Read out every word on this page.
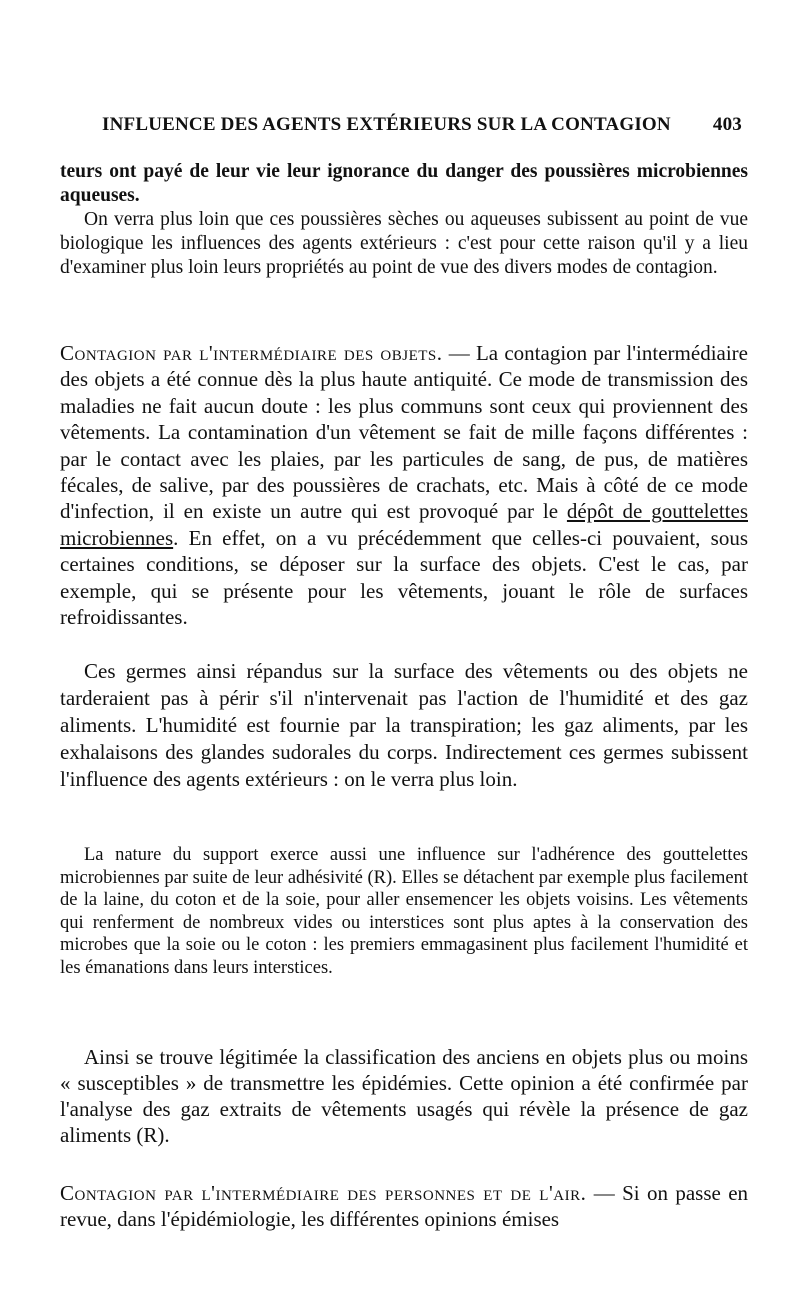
INFLUENCE DES AGENTS EXTÉRIEURS SUR LA CONTAGION 403

teurs ont payé de leur vie leur ignorance du danger des poussières microbiennes aqueuses.

On verra plus loin que ces poussières sèches ou aqueuses subissent au point de vue biologique les influences des agents extérieurs : c'est pour cette raison qu'il y a lieu d'examiner plus loin leurs propriétés au point de vue des divers modes de contagion.

Contagion par l'intermédiaire des objets. — La contagion par l'intermédiaire des objets a été connue dès la plus haute antiquité. Ce mode de transmission des maladies ne fait aucun doute : les plus communs sont ceux qui proviennent des vêtements. La contamination d'un vêtement se fait de mille façons différentes : par le contact avec les plaies, par les particules de sang, de pus, de matières fécales, de salive, par des poussières de crachats, etc. Mais à côté de ce mode d'infection, il en existe un autre qui est provoqué par le dépôt de gouttelettes microbiennes. En effet, on a vu précédemment que celles-ci pouvaient, sous certaines conditions, se déposer sur la surface des objets. C'est le cas, par exemple, qui se présente pour les vêtements, jouant le rôle de surfaces refroidissantes.

Ces germes ainsi répandus sur la surface des vêtements ou des objets ne tarderaient pas à périr s'il n'intervenait pas l'action de l'humidité et des gaz aliments. L'humidité est fournie par la transpiration; les gaz aliments, par les exhalaisons des glandes sudorales du corps. Indirectement ces germes subissent l'influence des agents extérieurs : on le verra plus loin.

La nature du support exerce aussi une influence sur l'adhérence des gouttelettes microbiennes par suite de leur adhésivité (R). Elles se détachent par exemple plus facilement de la laine, du coton et de la soie, pour aller ensemencer les objets voisins. Les vêtements qui renferment de nombreux vides ou interstices sont plus aptes à la conservation des microbes que la soie ou le coton : les premiers emmagasinent plus facilement l'humidité et les émanations dans leurs interstices.

Ainsi se trouve légitimée la classification des anciens en objets plus ou moins « susceptibles » de transmettre les épidémies. Cette opinion a été confirmée par l'analyse des gaz extraits de vêtements usagés qui révèle la présence de gaz aliments (R).

Contagion par l'intermédiaire des personnes et de l'air. — Si on passe en revue, dans l'épidémiologie, les différentes opinions émises
